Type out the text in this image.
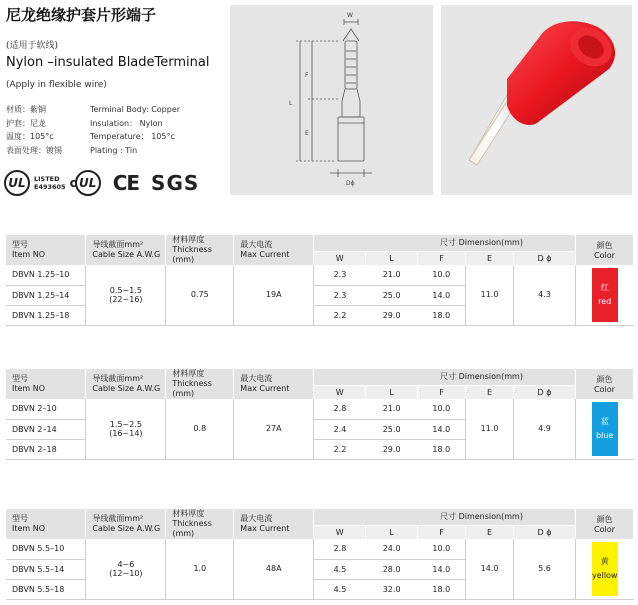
尼龙绝缘护套片形端子
(适用于软线)
Nylon –insulated BladeTerminal
(Apply in flexible wire)
材质：紫铜	Terminal Body: Copper
护套：尼龙	Insulation： Nylon
温度：105°c	Temperature： 105°c
表面处理：镀锡	Plating : Tin
UL	LISTED
E493605 c UL CE SGS
W
F
L
E
Dϕ
型号
Item NO	导线截面mm²
Cable Size A.W.G	材料厚度
Thickness (mm)	最大电流
Max Current	尺寸 Dimension(mm)					颜色
Color

				W	L	F	E	D ϕ	
DBVN 1.25–10	0.5~1.5
(22~16)	0.75	19A	2.3	21.0	10.0	11.0	4.3	红
red

DBVN 1.25–14				2.3	25.0	14.0			
DBVN 1.25–18				2.2	29.0	18.0			
型号
Item NO	导线截面mm²
Cable Size A.W.G	材料厚度
Thickness (mm)	最大电流
Max Current	尺寸 Dimension(mm)					颜色
Color

				W	L	F	E	D ϕ	
DBVN 2–10	1.5~2.5
(16~14)	0.8	27A	2.8	21.0	10.0	11.0	4.9	蓝
blue

DBVN 2–14				2.4	25.0	14.0			
DBVN 2–18				2.2	29.0	18.0			
型号
Item NO	导线截面mm²
Cable Size A.W.G	材料厚度
Thickness (mm)	最大电流
Max Current	尺寸 Dimension(mm)					颜色
Color

				W	L	F	E	D ϕ	
DBVN 5.5–10	4~6
(12~10)	1.0	48A	2.8	24.0	10.0	14.0	5.6	黄
yellow

DBVN 5.5–14				4.5	28.0	14.0			
DBVN 5.5–18				4.5	32.0	18.0			
